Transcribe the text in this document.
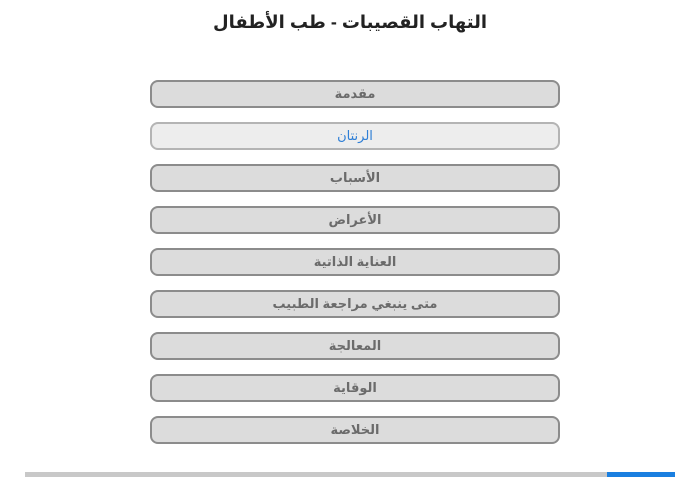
التهاب القصيبات - طب الأطفال
مقدمة
الرنتان
الأسباب
الأعراض
العناية الذاتية
متى ينبغي مراجعة الطبيب
المعالجة
الوقاية
الخلاصة
